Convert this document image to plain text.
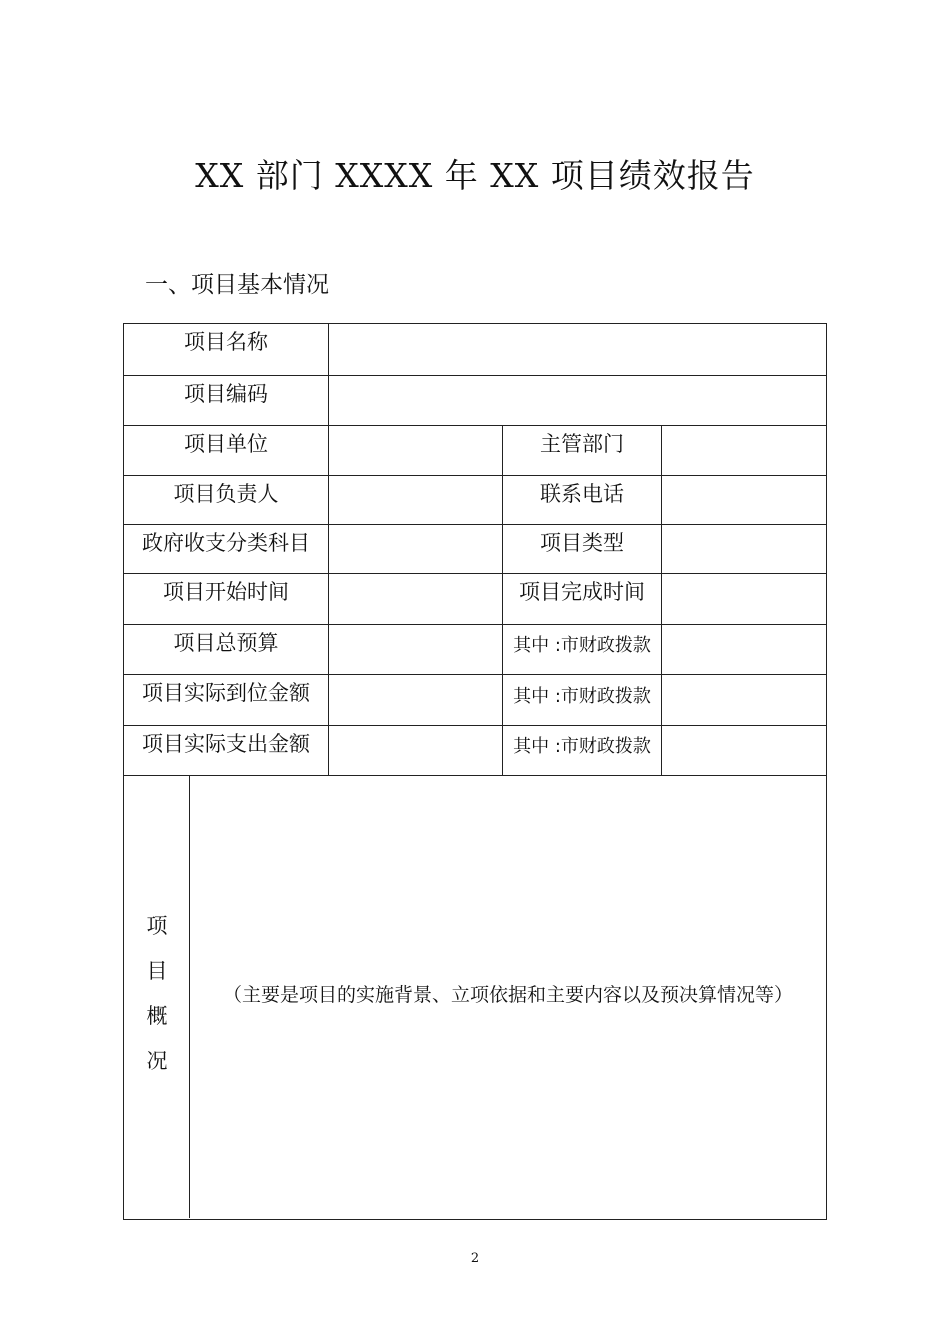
XX 部门 XXXX 年 XX 项目绩效报告
一、项目基本情况
项目名称
项目编码
项目单位
项目负责人
政府收支分类科目
项目开始时间
项目总预算
项目实际到位金额
项目实际支出金额
主管部门
联系电话
项目类型
项目完成时间
其中 :市财政拨款
其中 :市财政拨款
其中 :市财政拨款
项
目
概
况
（主要是项目的实施背景、立项依据和主要内容以及预决算情况等）
2
